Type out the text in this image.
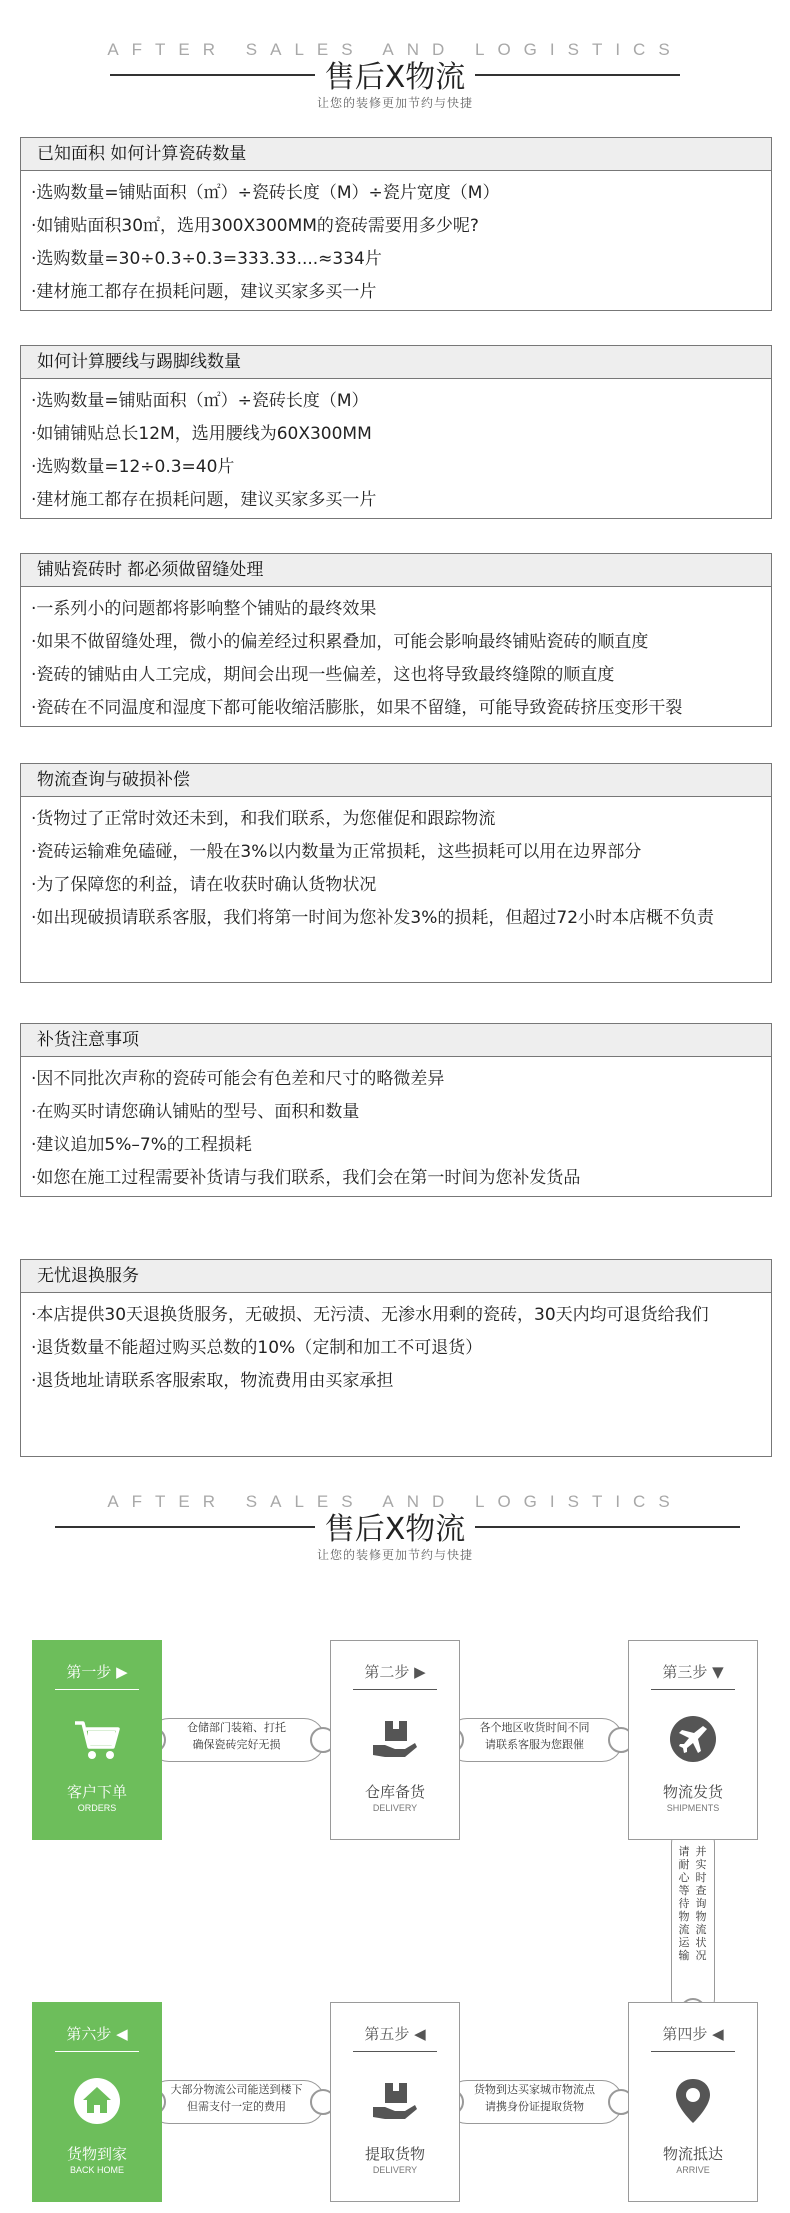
AFTER SALES AND LOGISTICS
售后X物流
让您的装修更加节约与快捷
已知面积 如何计算瓷砖数量
·选购数量=铺贴面积（㎡）÷瓷砖长度（M）÷瓷片宽度（M）
·如铺贴面积30㎡，选用300X300MM的瓷砖需要用多少呢?
·选购数量=30÷0.3÷0.3=333.33....≈334片
·建材施工都存在损耗问题，建议买家多买一片
如何计算腰线与踢脚线数量
·选购数量=铺贴面积（㎡）÷瓷砖长度（M）
·如铺铺贴总长12M，选用腰线为60X300MM
·选购数量=12÷0.3=40片
·建材施工都存在损耗问题，建议买家多买一片
铺贴瓷砖时 都必须做留缝处理
·一系列小的问题都将影响整个铺贴的最终效果
·如果不做留缝处理，微小的偏差经过积累叠加，可能会影响最终铺贴瓷砖的顺直度
·瓷砖的铺贴由人工完成，期间会出现一些偏差，这也将导致最终缝隙的顺直度
·瓷砖在不同温度和湿度下都可能收缩活膨胀，如果不留缝，可能导致瓷砖挤压变形干裂
物流查询与破损补偿
·货物过了正常时效还未到，和我们联系，为您催促和跟踪物流
·瓷砖运输难免磕碰，一般在3%以内数量为正常损耗，这些损耗可以用在边界部分
·为了保障您的利益，请在收获时确认货物状况
·如出现破损请联系客服，我们将第一时间为您补发3%的损耗，但超过72小时本店概不负责
补货注意事项
·因不同批次声称的瓷砖可能会有色差和尺寸的略微差异
·在购买时请您确认铺贴的型号、面积和数量
·建议追加5%–7%的工程损耗
·如您在施工过程需要补货请与我们联系，我们会在第一时间为您补发货品
无忧退换服务
·本店提供30天退换货服务，无破损、无污渍、无渗水用剩的瓷砖，30天内均可退货给我们
·退货数量不能超过购买总数的10%（定制和加工不可退货）
·退货地址请联系客服索取，物流费用由买家承担
AFTER SALES AND LOGISTICS
售后X物流
让您的装修更加节约与快捷
仓储部门装箱、打托
确保瓷砖完好无损
各个地区收货时间不同
请联系客服为您跟催
请耐心等待物流运输
并实时查询物流状况
大部分物流公司能送到楼下
但需支付一定的费用
货物到达买家城市物流点
请携身份证提取货物
第一步 ▶
客户下单
ORDERS
第二步 ▶
仓库备货
DELIVERY
第三步 ▼
物流发货
SHIPMENTS
第四步 ◀
物流抵达
ARRIVE
第五步 ◀
提取货物
DELIVERY
第六步 ◀
货物到家
BACK HOME
